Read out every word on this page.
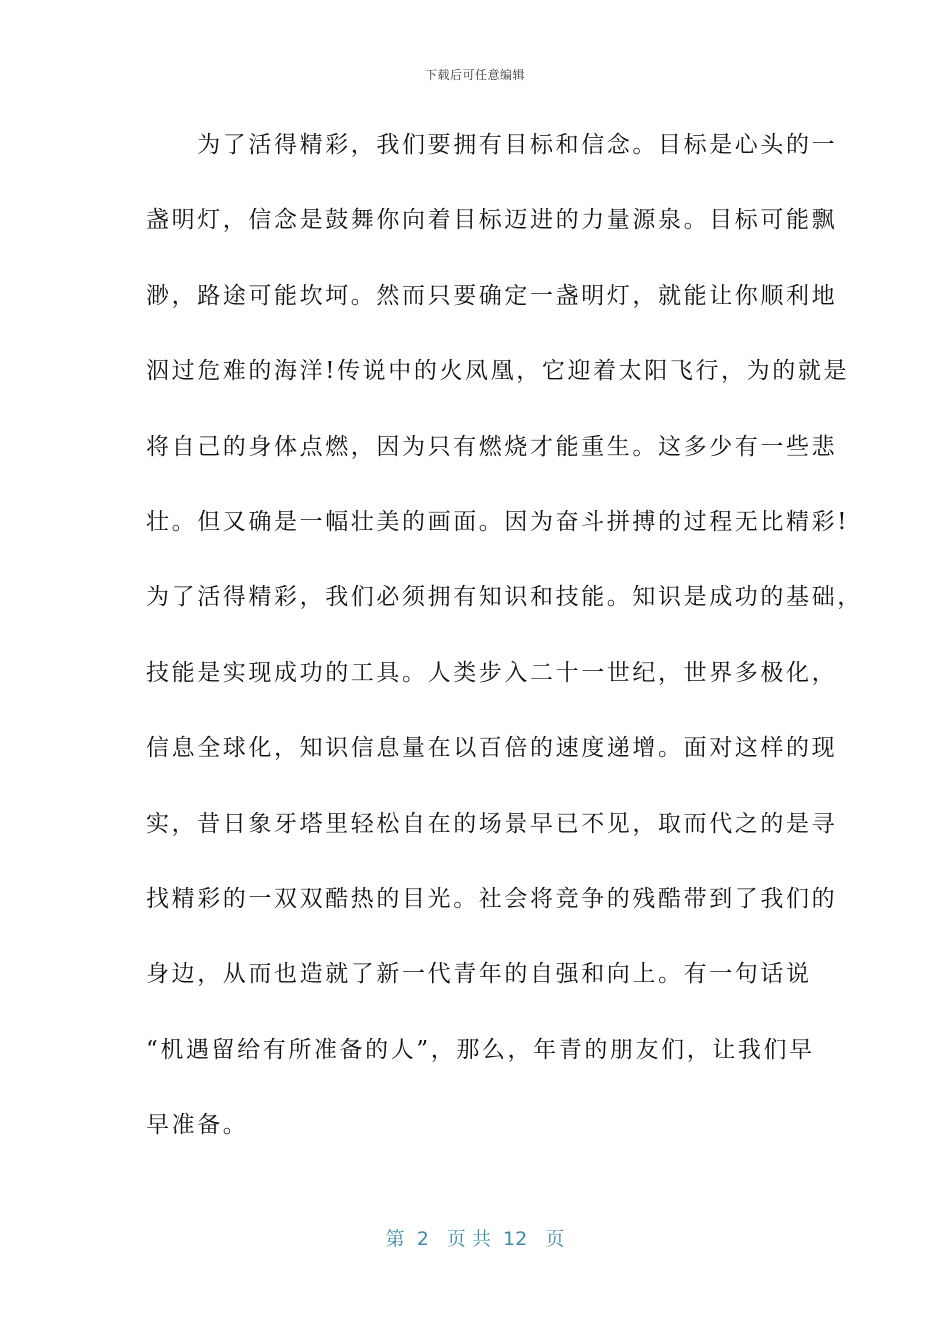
下载后可任意编辑
　　为了活得精彩，我们要拥有目标和信念。目标是心头的一
盏明灯，信念是鼓舞你向着目标迈进的力量源泉。目标可能飘
渺，路途可能坎坷。然而只要确定一盏明灯，就能让你顺利地
泅过危难的海洋!传说中的火凤凰，它迎着太阳飞行，为的就是
将自己的身体点燃，因为只有燃烧才能重生。这多少有一些悲
壮。但又确是一幅壮美的画面。因为奋斗拼搏的过程无比精彩!
为了活得精彩，我们必须拥有知识和技能。知识是成功的基础，
技能是实现成功的工具。人类步入二十一世纪，世界多极化，
信息全球化，知识信息量在以百倍的速度递增。面对这样的现
实，昔日象牙塔里轻松自在的场景早已不见，取而代之的是寻
找精彩的一双双酷热的目光。社会将竞争的残酷带到了我们的
身边，从而也造就了新一代青年的自强和向上。有一句话说
“机遇留给有所准备的人”，那么，年青的朋友们，让我们早
早准备。
第  2   页 共  12   页
